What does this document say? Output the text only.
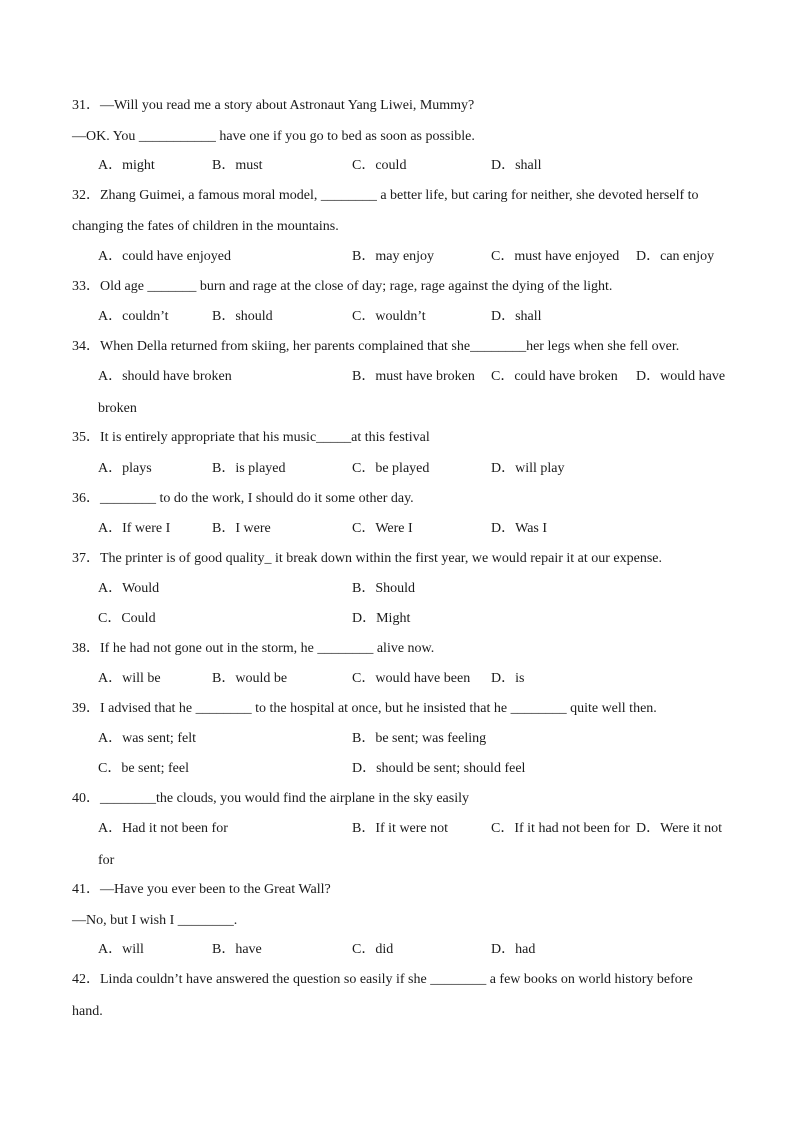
31．—Will you read me a story about Astronaut Yang Liwei, Mummy?
—OK. You ___________ have one if you go to bed as soon as possible.
A．might	B．must	C．could	D．shall
32．Zhang Guimei, a famous moral model, ________ a better life, but caring for neither, she devoted herself to
changing the fates of children in the mountains.
A．could have enjoyed	B．may enjoy	C．must have enjoyed D．can enjoy
33．Old age _______ burn and rage at the close of day; rage, rage against the dying of the light.
A．couldn’t	B．should	C．wouldn’t	D．shall
34．When Della returned from skiing, her parents complained that she________her legs when she fell over.
A．should have broken	B．must have broken C．could have broken D．would have
broken
35．It is entirely appropriate that his music_____at this festival
A．plays	B．is played	C．be played	D．will play
36．________ to do the work, I should do it some other day.
A．If were I	B．I were	C．Were I	D．Was I
37．The printer is of good quality_ it break down within the first year, we would repair it at our expense.
A．Would	B．Should
C．Could	D．Might
38．If he had not gone out in the storm, he ________ alive now.
A．will be	B．would be	C．would have been D．is
39．I advised that he ________ to the hospital at once, but he insisted that he ________ quite well then.
A．was sent; felt	B．be sent; was feeling
C．be sent; feel	D．should be sent; should feel
40．________the clouds, you would find the airplane in the sky easily
A．Had it not been for	B．If it were not	C．If it had not been for D．Were it not
for
41．—Have you ever been to the Great Wall?
—No, but I wish I ________.
A．will	B．have	C．did	D．had
42．Linda couldn’t have answered the question so easily if she ________ a few books on world history before
hand.
